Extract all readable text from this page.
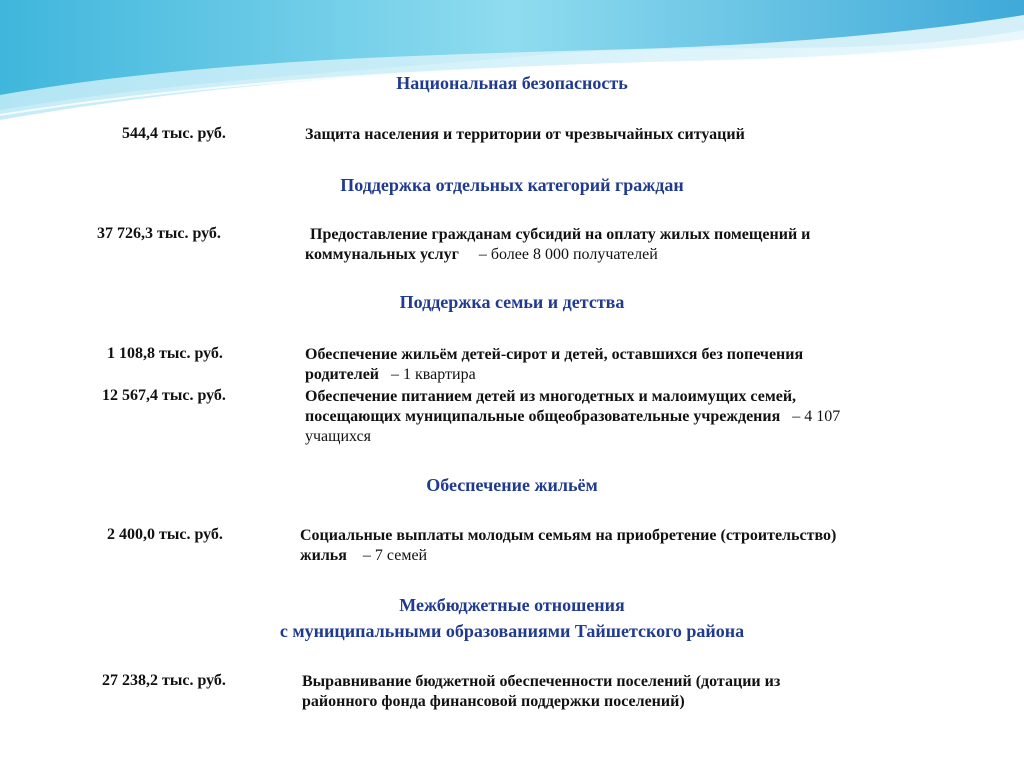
Национальная безопасность
544,4 тыс. руб.	Защита населения и территории от чрезвычайных ситуаций
Поддержка отдельных категорий граждан
37 726,3 тыс. руб.	Предоставление гражданам субсидий на оплату жилых помещений и
коммунальных услуг – более 8 000 получателей
Поддержка семьи и детства
1 108,8 тыс. руб.	Обеспечение жильём детей-сирот и детей, оставшихся без попечения
родителей – 1 квартира
12 567,4 тыс. руб.	Обеспечение питанием детей из многодетных и малоимущих семей,
посещающих муниципальные общеобразовательные учреждения – 4 107
учащихся
Обеспечение жильём
2 400,0 тыс. руб.	Социальные выплаты молодым семьям на приобретение (строительство)
жилья – 7 семей
Межбюджетные отношения
с муниципальными образованиями Тайшетского района
27 238,2 тыс. руб.	Выравнивание бюджетной обеспеченности поселений (дотации из
районного фонда финансовой поддержки поселений)
